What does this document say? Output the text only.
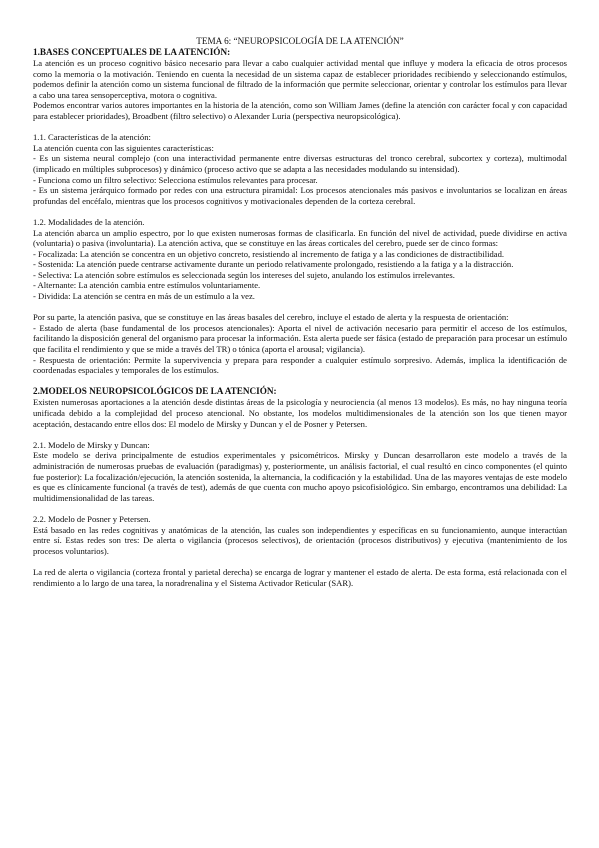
TEMA 6: “NEUROPSICOLOGÍA DE LA ATENCIÓN”

1.BASES CONCEPTUALES DE LA ATENCIÓN:

La atención es un proceso cognitivo básico necesario para llevar a cabo cualquier actividad mental que influye y modera la eficacia de otros procesos como la memoria o la motivación. Teniendo en cuenta la necesidad de un sistema capaz de establecer prioridades recibiendo y seleccionando estímulos, podemos definir la atención como un sistema funcional de filtrado de la información que permite seleccionar, orientar y controlar los estímulos para llevar a cabo una tarea sensoperceptiva, motora o cognitiva.

Podemos encontrar varios autores importantes en la historia de la atención, como son William James (define la atención con carácter focal y con capacidad para establecer prioridades), Broadbent (filtro selectivo) o Alexander Luria (perspectiva neuropsicológica).

1.1. Características de la atención:

La atención cuenta con las siguientes características:

- Es un sistema neural complejo (con una interactividad permanente entre diversas estructuras del tronco cerebral, subcortex y corteza), multimodal (implicado en múltiples subprocesos) y dinámico (proceso activo que se adapta a las necesidades modulando su intensidad).

- Funciona como un filtro selectivo: Selecciona estímulos relevantes para procesar.

- Es un sistema jerárquico formado por redes con una estructura piramidal: Los procesos atencionales más pasivos e involuntarios se localizan en áreas profundas del encéfalo, mientras que los procesos cognitivos y motivacionales dependen de la corteza cerebral.

1.2. Modalidades de la atención.

La atención abarca un amplio espectro, por lo que existen numerosas formas de clasificarla. En función del nivel de actividad, puede dividirse en activa (voluntaria) o pasiva (involuntaria). La atención activa, que se constituye en las áreas corticales del cerebro, puede ser de cinco formas:

- Focalizada: La atención se concentra en un objetivo concreto, resistiendo al incremento de fatiga y a las condiciones de distractibilidad.

- Sostenida: La atención puede centrarse activamente durante un periodo relativamente prolongado, resistiendo a la fatiga y a la distracción.

- Selectiva: La atención sobre estímulos es seleccionada según los intereses del sujeto, anulando los estímulos irrelevantes.

- Alternante: La atención cambia entre estímulos voluntariamente.

- Dividida: La atención se centra en más de un estímulo a la vez.

Por su parte, la atención pasiva, que se constituye en las áreas basales del cerebro, incluye el estado de alerta y la respuesta de orientación:

- Estado de alerta (base fundamental de los procesos atencionales): Aporta el nivel de activación necesario para permitir el acceso de los estímulos, facilitando la disposición general del organismo para procesar la información. Esta alerta puede ser fásica (estado de preparación para procesar un estímulo que facilita el rendimiento y que se mide a través del TR) o tónica (aporta el arousal; vigilancia).

- Respuesta de orientación: Permite la supervivencia y prepara para responder a cualquier estímulo sorpresivo. Además, implica la identificación de coordenadas espaciales y temporales de los estímulos.

2.MODELOS NEUROPSICOLÓGICOS DE LA ATENCIÓN:

Existen numerosas aportaciones a la atención desde distintas áreas de la psicología y neurociencia (al menos 13 modelos). Es más, no hay ninguna teoría unificada debido a la complejidad del proceso atencional. No obstante, los modelos multidimensionales de la atención son los que tienen mayor aceptación, destacando entre ellos dos: El modelo de Mirsky y Duncan y el de Posner y Petersen.

2.1. Modelo de Mirsky y Duncan:

Este modelo se deriva principalmente de estudios experimentales y psicométricos. Mirsky y Duncan desarrollaron este modelo a través de la administración de numerosas pruebas de evaluación (paradigmas) y, posteriormente, un análisis factorial, el cual resultó en cinco componentes (el quinto fue posterior): La focalización/ejecución, la atención sostenida, la alternancia, la codificación y la estabilidad. Una de las mayores ventajas de este modelo es que es clínicamente funcional (a través de test), además de que cuenta con mucho apoyo psicofisiológico. Sin embargo, encontramos una debilidad: La multidimensionalidad de las tareas.

2.2. Modelo de Posner y Petersen.

Está basado en las redes cognitivas y anatómicas de la atención, las cuales son independientes y específicas en su funcionamiento, aunque interactúan entre sí. Estas redes son tres: De alerta o vigilancia (procesos selectivos), de orientación (procesos distributivos) y ejecutiva (mantenimiento de los procesos voluntarios).

La red de alerta o vigilancia (corteza frontal y parietal derecha) se encarga de lograr y mantener el estado de alerta. De esta forma, está relacionada con el rendimiento a lo largo de una tarea, la noradrenalina y el Sistema Activador Reticular (SAR).
